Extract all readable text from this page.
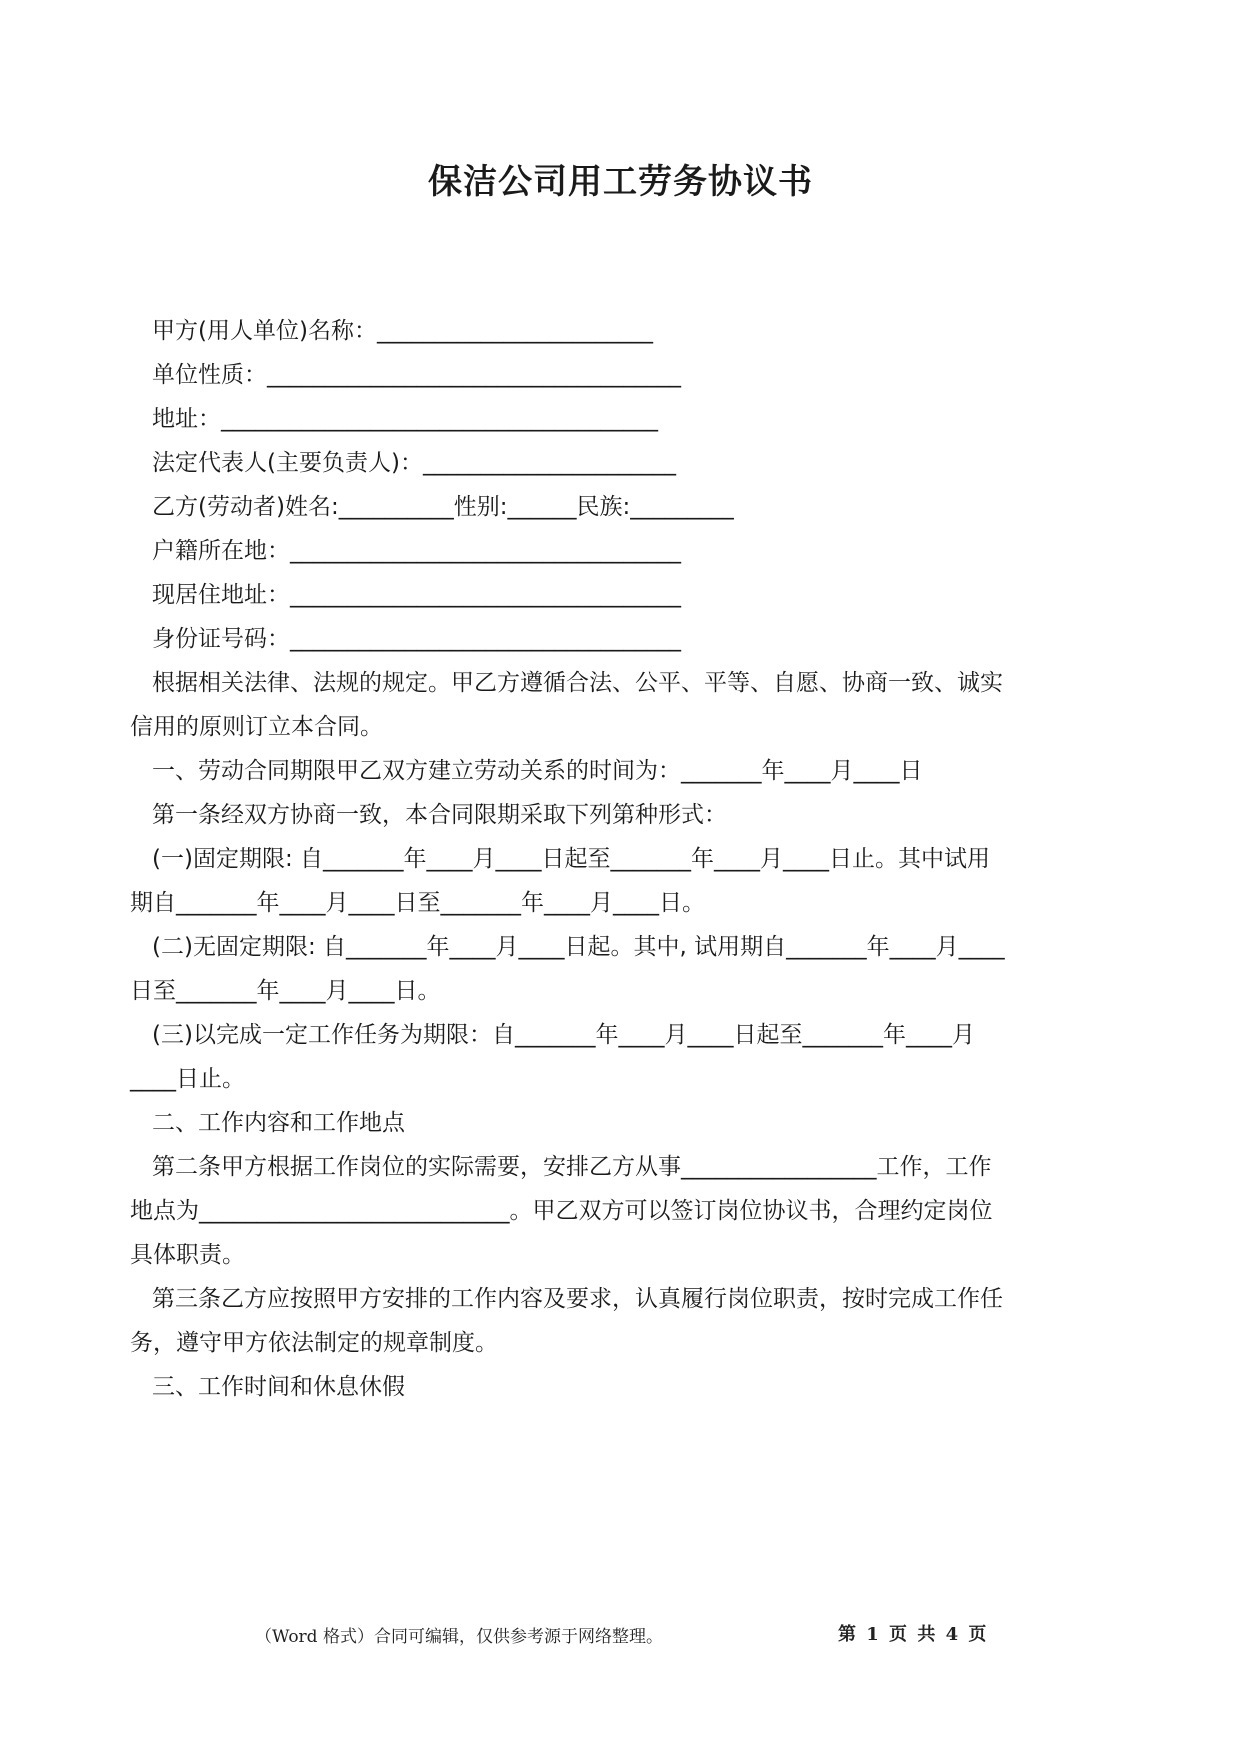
保洁公司用工劳务协议书
甲方(用人单位)名称：________________________
单位性质：____________________________________
地址：______________________________________
法定代表人(主要负责人)：______________________
乙方(劳动者)姓名:__________性别:______民族:_________
户籍所在地：__________________________________
现居住地址：__________________________________
身份证号码：__________________________________
根据相关法律、法规的规定。甲乙方遵循合法、公平、平等、自愿、协商一致、诚实
信用的原则订立本合同。
一、劳动合同期限甲乙双方建立劳动关系的时间为：_______年____月____日
第一条经双方协商一致，本合同限期采取下列第种形式：
(一)固定期限: 自_______年____月____日起至_______年____月____日止。其中试用
期自_______年____月____日至_______年____月____日。
(二)无固定期限: 自_______年____月____日起。其中, 试用期自_______年____月____
日至_______年____月____日。
(三)以完成一定工作任务为期限：自_______年____月____日起至_______年____月
____日止。
二、工作内容和工作地点
第二条甲方根据工作岗位的实际需要，安排乙方从事_________________工作，工作
地点为___________________________。甲乙双方可以签订岗位协议书，合理约定岗位
具体职责。
第三条乙方应按照甲方安排的工作内容及要求，认真履行岗位职责，按时完成工作任
务，遵守甲方依法制定的规章制度。
三、工作时间和休息休假
（Word 格式）合同可编辑，仅供参考源于网络整理。	第 1 页 共 4 页
